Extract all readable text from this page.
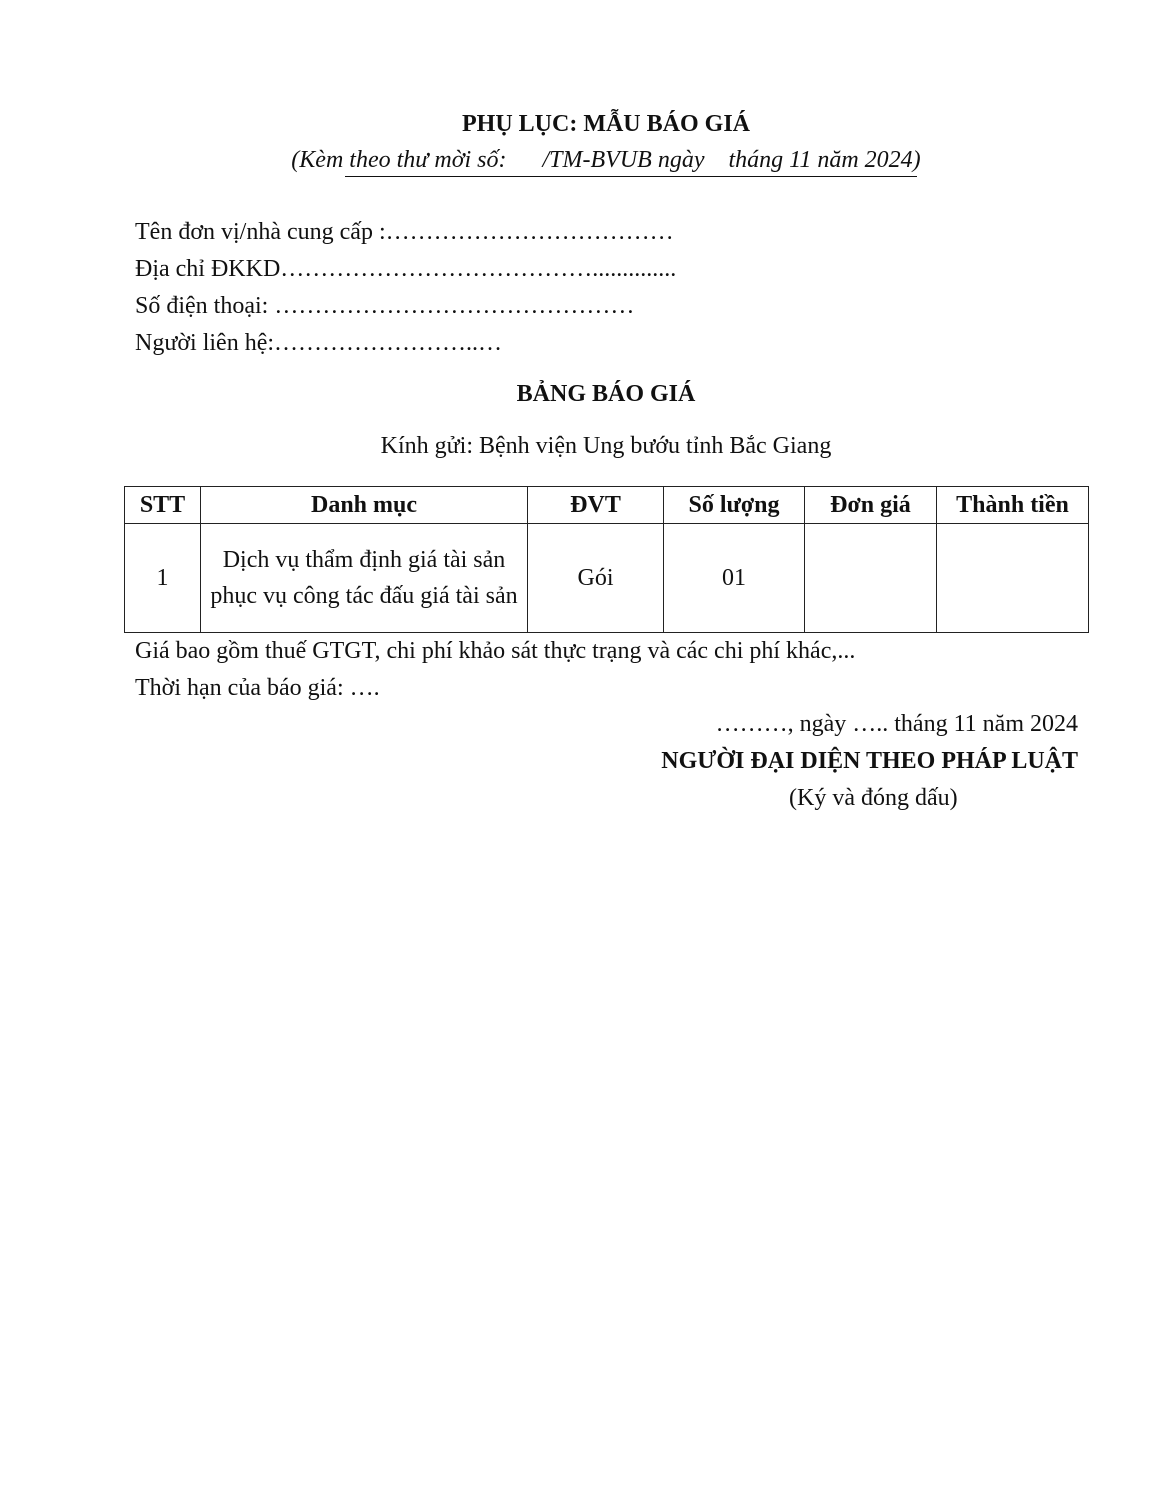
PHỤ LỤC: MẪU BÁO GIÁ
(Kèm theo thư mời số:      /TM-BVUB ngày    tháng 11 năm 2024)
Tên đơn vị/nhà cung cấp :………………………………
Địa chỉ ĐKKD…………………………………..............
Số điện thoại: ………………………………………
Người liên hệ:……………………..…
BẢNG BÁO GIÁ
Kính gửi: Bệnh viện Ung bướu tỉnh Bắc Giang
STT	Danh mục	ĐVT	Số lượng	Đơn giá	Thành tiền
1	Dịch vụ thẩm định giá tài sản phục vụ công tác đấu giá tài sản	Gói	01		
Giá bao gồm thuế GTGT, chi phí khảo sát thực trạng và các chi phí khác,...
Thời hạn của báo giá: ….
………, ngày ….. tháng 11 năm 2024
NGƯỜI ĐẠI DIỆN THEO PHÁP LUẬT
(Ký và đóng dấu)
